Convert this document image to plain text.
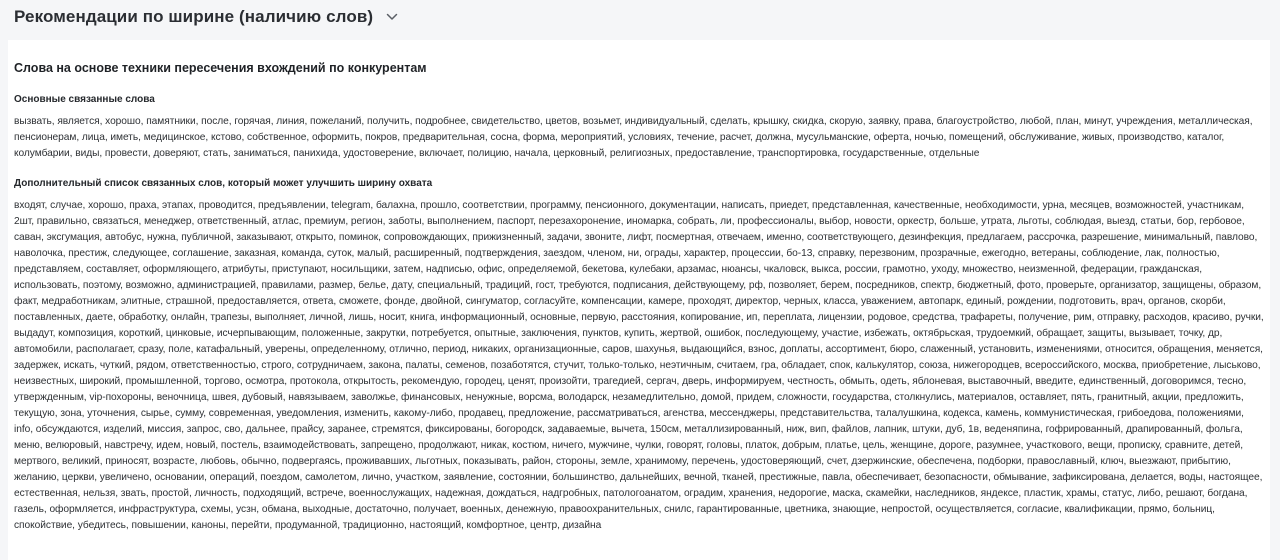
Рекомендации по ширине (наличию слов)
Слова на основе техники пересечения вхождений по конкурентам
Основные связанные слова
вызвать, является, хорошо, памятники, после, горячая, линия, пожеланий, получить, подробнее, свидетельство, цветов, возьмет, индивидуальный, сделать, крышку, скидка, скорую, заявку, права, благоустройство, любой, план, минут, учреждения, металлическая, пенсионерам, лица, иметь, медицинское, кстово, собственное, оформить, покров, предварительная, сосна, форма, мероприятий, условиях, течение, расчет, должна, мусульманские, оферта, ночью, помещений, обслуживание, живых, производство, каталог, колумбарии, виды, провести, доверяют, стать, заниматься, панихида, удостоверение, включает, полицию, начала, церковный, религиозных, предоставление, транспортировка, государственные, отдельные
Дополнительный список связанных слов, который может улучшить ширину охвата
входят, случае, хорошо, праха, этапах, проводится, предъявлении, telegram, балахна, прошло, соответствии, программу, пенсионного, документации, написать, приедет, представленная, качественные, необходимости, урна, месяцев, возможностей, участникам, 2шт, правильно, связаться, менеджер, ответственный, атлас, премиум, регион, заботы, выполнением, паспорт, перезахоронение, иномарка, собрать, ли, профессионалы, выбор, новости, оркестр, больше, утрата, льготы, соблюдая, выезд, статьи, бор, гербовое, саван, эксгумация, автобус, нужна, публичной, заказывают, открыто, поминок, сопровождающих, прижизненный, задачи, звоните, лифт, посмертная, отвечаем, именно, соответствующего, дезинфекция, предлагаем, рассрочка, разрешение, минимальный, павлово, наволочка, престиж, следующее, соглашение, заказная, команда, суток, малый, расширенный, подтверждения, заездом, членом, ни, ограды, характер, процессии, бо-13, справку, перезвоним, прозрачные, ежегодно, ветераны, соблюдение, лак, полностью, представляем, составляет, оформляющего, атрибуты, приступают, носильщики, затем, надписью, офис, определяемой, бекетова, кулебаки, арзамас, нюансы, чкаловск, выкса, россии, грамотно, уходу, множество, неизменной, федерации, гражданская, использовать, поэтому, возможно, администрацией, правилами, размер, белье, дату, специальный, традиций, гост, требуются, подписания, действующему, рф, позволяет, берем, посредников, спектр, бюджетный, фото, проверьте, организатор, защищены, образом, факт, медработникам, элитные, страшной, предоставляется, ответа, сможете, фонде, двойной, сингуматор, согласуйте, компенсации, камере, проходят, директор, черных, класса, уважением, автопарк, единый, рождении, подготовить, врач, органов, скорби, поставленных, даете, обработку, онлайн, трапезы, выполняет, личной, лишь, носит, книга, информационный, основные, первую, расстояния, копирование, ип, переплата, лицензии, родовое, средства, трафареты, получение, рим, отправку, расходов, красиво, ручки, выдадут, композиция, короткий, цинковые, исчерпывающим, положенные, закрутки, потребуется, опытные, заключения, пунктов, купить, жертвой, ошибок, последующему, участие, избежать, октябрьская, трудоемкий, обращает, защиты, вызывает, точку, др, автомобили, располагает, сразу, поле, катафальный, уверены, определенному, отлично, период, никаких, организационные, саров, шахунья, выдающийся, взнос, доплаты, ассортимент, бюро, слаженный, установить, изменениями, относится, обращения, меняется, задержек, искать, чуткий, рядом, ответственностью, строго, сотрудничаем, закона, палаты, семенов, позаботятся, стучит, только-только, неэтичным, считаем, гра, обладает, спок, калькулятор, союза, нижегородцев, всероссийского, москва, приобретение, лыськово, неизвестных, широкий, промышленной, торгово, осмотра, протокола, открытость, рекомендую, городец, ценят, произойти, трагедией, сергач, дверь, информируем, честность, обмыть, одеть, яблоневая, выставочный, введите, единственный, договоримся, тесно, утвержденным, vip-похороны, веночница, швея, дубовый, навязываем, заволжье, финансовых, ненужные, ворсма, володарск, незамедлительно, домой, придем, сложности, государства, столкнулись, материалов, оставляет, пять, гранитный, акции, предложить, текущую, зона, уточнения, сырье, сумму, современная, уведомления, изменить, какому-либо, продавец, предложение, рассматриваться, агенства, мессенджеры, представительства, талалушкина, кодекса, камень, коммунистическая, грибоедова, положениями, info, обсуждаются, изделий, миссия, запрос, сво, дальнее, прайсу, заранее, стремятся, фиксированы, богородск, задаваемые, вычета, 150см, металлизированный, ниж, вип, файлов, лапник, штуки, дуб, 1в, веденяпина, гофрированный, драпированный, фольга, меню, велюровый, навстречу, идем, новый, постель, взаимодействовать, запрещено, продолжают, никак, костюм, ничего, мужчине, чулки, говорят, головы, платок, добрым, платье, цель, женщине, дороге, разумнее, участкового, вещи, прописку, сравните, детей, мертвого, великий, приносят, возрасте, любовь, обычно, подвергаясь, проживавших, льготных, показывать, район, стороны, земле, хранимому, перечень, удостоверяющий, счет, дзержинские, обеспечена, подборки, православный, ключ, выезжают, прибытию, желанию, церкви, увеличено, основании, операций, поездом, самолетом, лично, участком, заявление, состоянии, большинство, дальнейших, вечной, тканей, престижные, павла, обеспечивает, безопасности, обмывание, зафиксирована, делается, воды, настоящее, естественная, нельзя, звать, простой, личность, подходящий, встрече, военнослужащих, надежная, дождаться, надгробных, патологоанатом, оградим, хранения, недорогие, маска, скамейки, наследников, яндексе, пластик, храмы, статус, либо, решают, богдана, газель, оформляется, инфраструктура, схемы, усзн, обмана, выходные, достаточно, получает, военных, денежную, правоохранительных, снилс, гарантированные, цветника, знающие, непростой, осуществляется, согласие, квалификации, прямо, больниц, спокойствие, убедитесь, повышении, каноны, перейти, продуманной, традиционно, настоящий, комфортное, центр, дизайна
